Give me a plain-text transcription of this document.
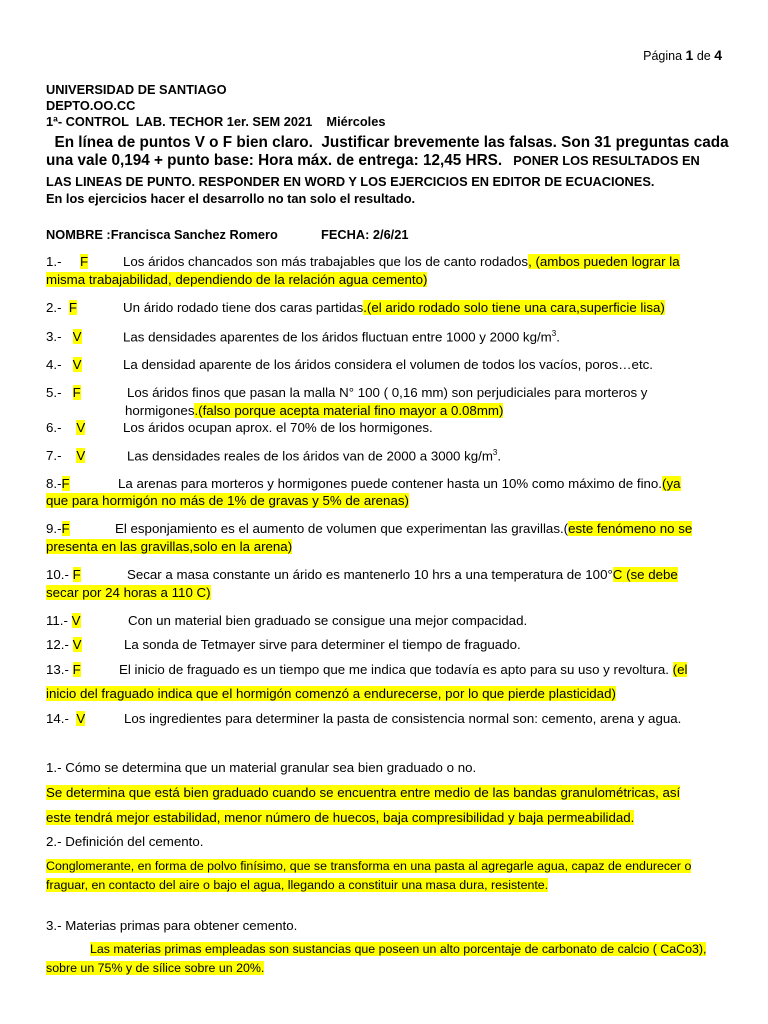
Página 1 de 4
UNIVERSIDAD DE SANTIAGO
DEPTO.OO.CC
1ª- CONTROL  LAB. TECHOR 1er. SEM 2021    Miércoles
En línea de puntos V o F bien claro.  Justificar brevemente las falsas. Son 31 preguntas cada
una vale 0,194 + punto base: Hora máx. de entrega: 12,45 HRS. PONER LOS RESULTADOS EN
LAS LINEAS DE PUNTO. RESPONDER EN WORD Y LOS EJERCICIOS EN EDITOR DE ECUACIONES.
En los ejercicios hacer el desarrollo no tan solo el resultado.
NOMBRE :Francisca Sanchez Romero	FECHA: 2/6/21
1.- F	Los áridos chancados son más trabajables que los de canto rodados, (ambos pueden lograr la
misma trabajabilidad, dependiendo de la relación agua cemento)
2.- F	Un árido rodado tiene dos caras partidas.(el arido rodado solo tiene una cara,superficie lisa)
3.- V	Las densidades aparentes de los áridos fluctuan entre 1000 y 2000 $kg/m^3$.
4.- V	La densidad aparente de los áridos considera el volumen de todos los vacíos, poros…etc.
5.- F	Los áridos finos que pasan la malla N° 100 ( 0,16 mm) son perjudiciales para morteros y
hormigones.(falso porque acepta material fino mayor a 0.08mm)
6.- V	Los áridos ocupan aprox. el 70% de los hormigones.
7.- V	Las densidades reales de los áridos van de 2000 a 3000 $kg/m^3$.
8.-F	La arenas para morteros y hormigones puede contener hasta un 10% como máximo de fino.(ya
que para hormigón no más de 1% de gravas y 5% de arenas)
9.-F	El esponjamiento es el aumento de volumen que experimentan las gravillas.(este fenómeno no se
presenta en las gravillas,solo en la arena)
10.- F	Secar a masa constante un árido es mantenerlo 10 hrs a una temperatura de 100°C (se debe
secar por 24 horas a 110 C)
11.- V	Con un material bien graduado se consigue una mejor compacidad.
12.- V	La sonda de Tetmayer sirve para determiner el tiempo de fraguado.
13.- F	El inicio de fraguado es un tiempo que me indica que todavía es apto para su uso y revoltura. (el
inicio del fraguado indica que el hormigón comenzó a endurecerse, por lo que pierde plasticidad)
14.- V	Los ingredientes para determiner la pasta de consistencia normal son: cemento, arena y agua.
1.- Cómo se determina que un material granular sea bien graduado o no.
Se determina que está bien graduado cuando se encuentra entre medio de las bandas granulométricas, así
este tendrá mejor estabilidad, menor número de huecos, baja compresibilidad y baja permeabilidad.
2.- Definición del cemento.
Conglomerante, en forma de polvo finísimo, que se transforma en una pasta al agregarle agua, capaz de endurecer o
fraguar, en contacto del aire o bajo el agua, llegando a constituir una masa dura, resistente.
3.- Materias primas para obtener cemento.
Las materias primas empleadas son sustancias que poseen un alto porcentaje de carbonato de calcio ( CaCo3),
sobre un 75% y de sílice sobre un 20%.
